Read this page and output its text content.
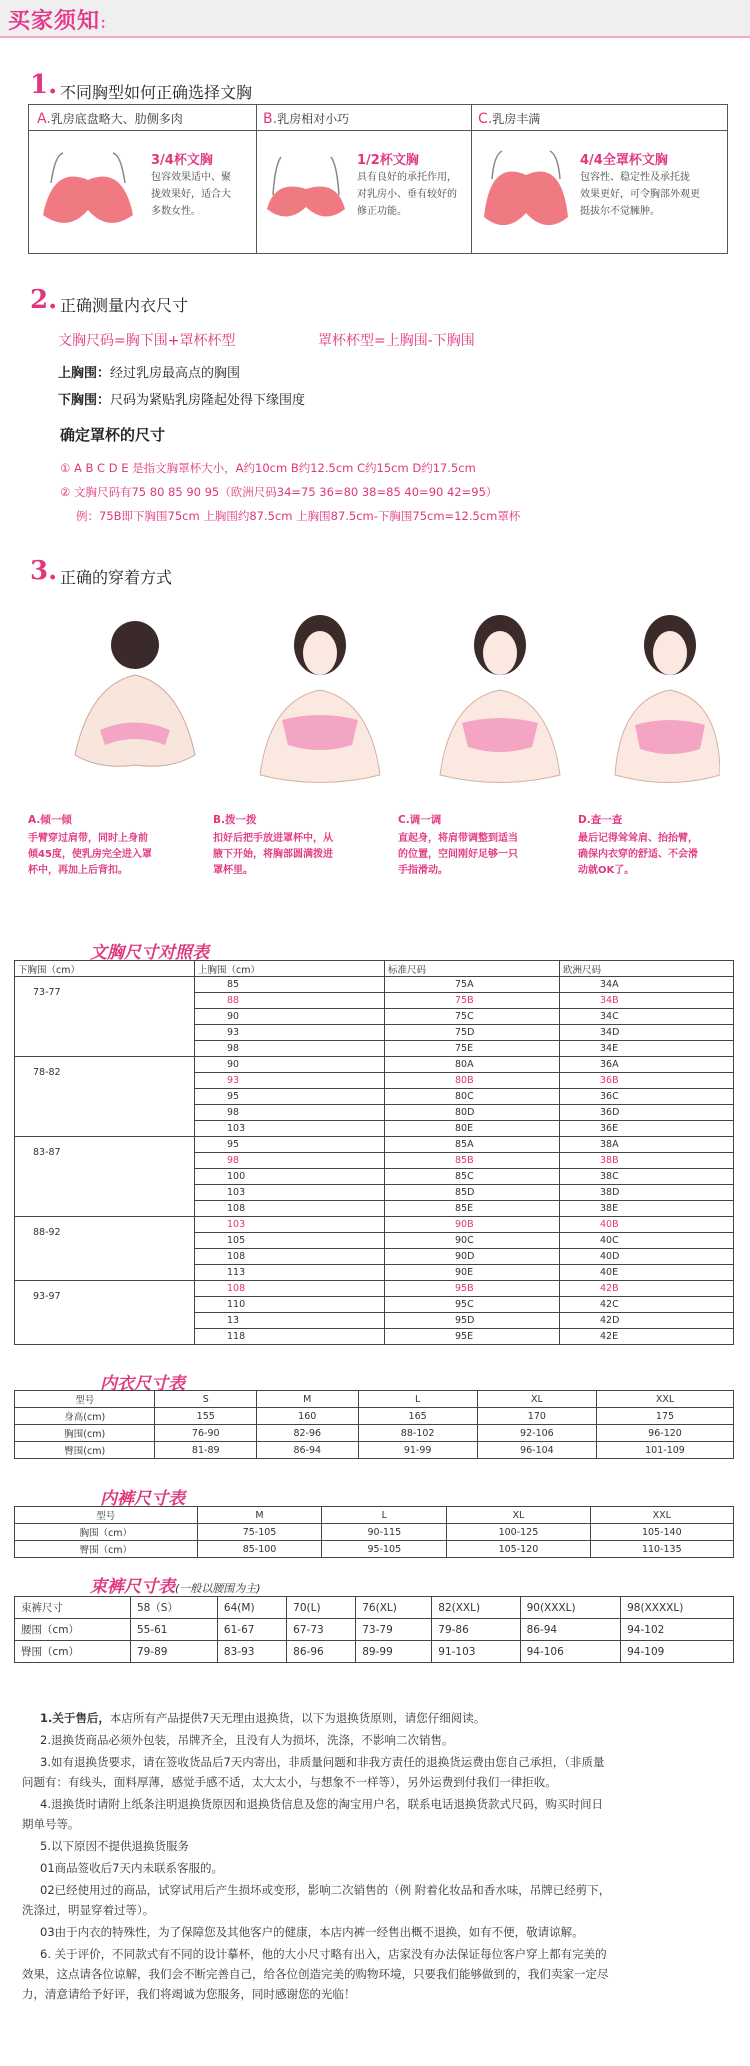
买家须知：
1. 不同胸型如何正确选择文胸
A.乳房底盘略大、肋侧多肉
3/4杯文胸
包容效果适中、聚
拢效果好，适合大
多数女性。
B.乳房相对小巧
1/2杯文胸
具有良好的承托作用，
对乳房小、垂有较好的
修正功能。
C.乳房丰满
4/4全罩杯文胸
包容性、稳定性及承托拢
效果更好，可令胸部外观更
挺拔尔不觉臃肿。
2. 正确测量内衣尺寸
文胸尺码=胸下围+罩杯杯型	罩杯杯型=上胸围-下胸围
上胸围：经过乳房最高点的胸围
下胸围：尺码为紧贴乳房隆起处得下缘围度
确定罩杯的尺寸
① A B C D E 是指文胸罩杯大小，A约10cm B约12.5cm C约15cm D约17.5cm
② 文胸尺码有75 80 85 90 95（欧洲尺码34=75 36=80 38=85 40=90 42=95）
例：75B即下胸围75cm 上胸围约87.5cm 上胸围87.5cm-下胸围75cm=12.5cm罩杯
3. 正确的穿着方式
A.倾一倾
手臂穿过肩带，同时上身前
倾45度，使乳房完全进入罩
杯中，再加上后背扣。
B.拨一拨
扣好后把手放进罩杯中，从
腋下开始，将胸部圆满拨进
罩杯里。
C.调一调
直起身，将肩带调整到适当
的位置，空间刚好足够一只
手指滑动。
D.查一查
最后记得耸耸肩、抬抬臂，
确保内衣穿的舒适、不会滑
动就OK了。
文胸尺寸对照表
下胸围（cm）	上胸围（cm）	标准尺码	欧洲尺码
73-77	85	75A	34A
	88	75B	34B
	90	75C	34C
	93	75D	34D
	98	75E	34E
78-82	90	80A	36A
	93	80B	36B
	95	80C	36C
	98	80D	36D
	103	80E	36E
83-87	95	85A	38A
	98	85B	38B
	100	85C	38C
	103	85D	38D
	108	85E	38E
88-92	103	90B	40B
	105	90C	40C
	108	90D	40D
	113	90E	40E
93-97	108	95B	42B
	110	95C	42C
	13	95D	42D
	118	95E	42E
内衣尺寸表
型号	S	M	L	XL	XXL
身高(cm)	155	160	165	170	175
胸围(cm)	76-90	82-96	88-102	92-106	96-120
臀围(cm)	81-89	86-94	91-99	96-104	101-109
内裤尺寸表
型号	M	L	XL	XXL
胸围（cm）	75-105	90-115	100-125	105-140
臀围（cm）	85-100	95-105	105-120	110-135
束裤尺寸表(一般以腰围为主)
束裤尺寸	58（S）	64(M)	70(L)	76(XL)	82(XXL)	90(XXXL)	98(XXXXL)
腰围（cm）	55-61	61-67	67-73	73-79	79-86	86-94	94-102
臀围（cm）	79-89	83-93	86-96	89-99	91-103	94-106	94-109
1.关于售后，本店所有产品提供7天无理由退换货，以下为退换货原则，请您仔细阅读。
2.退换货商品必须外包装，吊牌齐全，且没有人为损坏，洗涤，不影响二次销售。
3.如有退换货要求，请在签收货品后7天内寄出，非质量问题和非我方责任的退换货运费由您自己承担，（非质量
问题有：有线头，面料厚薄，感觉手感不适，太大太小，与想象不一样等），另外运费到付我们一律拒收。
4.退换货时请附上纸条注明退换货原因和退换货信息及您的淘宝用户名，联系电话退换货款式尺码，购买时间日
期单号等。
5.以下原因不提供退换货服务
01商品签收后7天内未联系客服的。
02已经使用过的商品，试穿试用后产生损坏或变形，影响二次销售的（例 附着化妆品和香水味，吊牌已经剪下，
洗涤过，明显穿着过等）。
03由于内衣的特殊性，为了保障您及其他客户的健康，本店内裤一经售出概不退换，如有不便，敬请谅解。
6. 关于评价，不同款式有不同的设计摹杯，他的大小尺寸略有出入，店家没有办法保证每位客户穿上都有完美的
效果，这点请各位谅解，我们会不断完善自己，给各位创造完美的购物环境，只要我们能够做到的，我们卖家一定尽
力，清意请给予好评，我们将竭诚为您服务，同时感谢您的光临！
